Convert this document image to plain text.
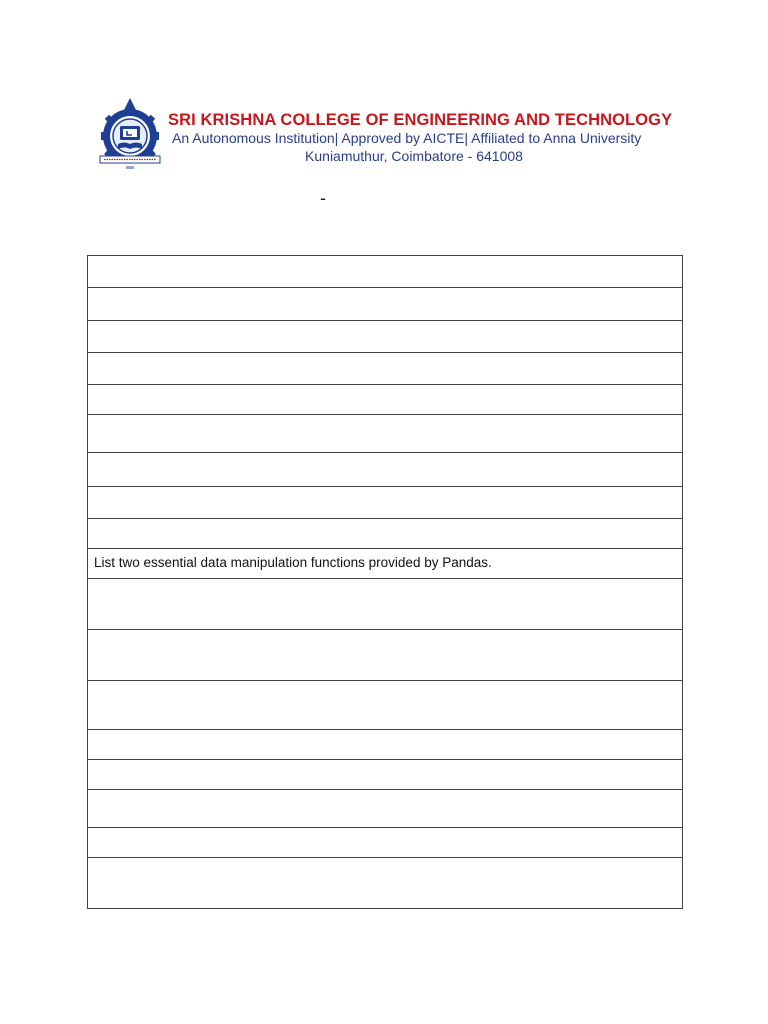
SRI KRISHNA COLLEGE OF ENGINEERING AND TECHNOLOGY
An Autonomous Institution| Approved by AICTE| Affiliated to Anna University
Kuniamuthur, Coimbatore - 641008
-

List two essential data manipulation functions provided by Pandas.
